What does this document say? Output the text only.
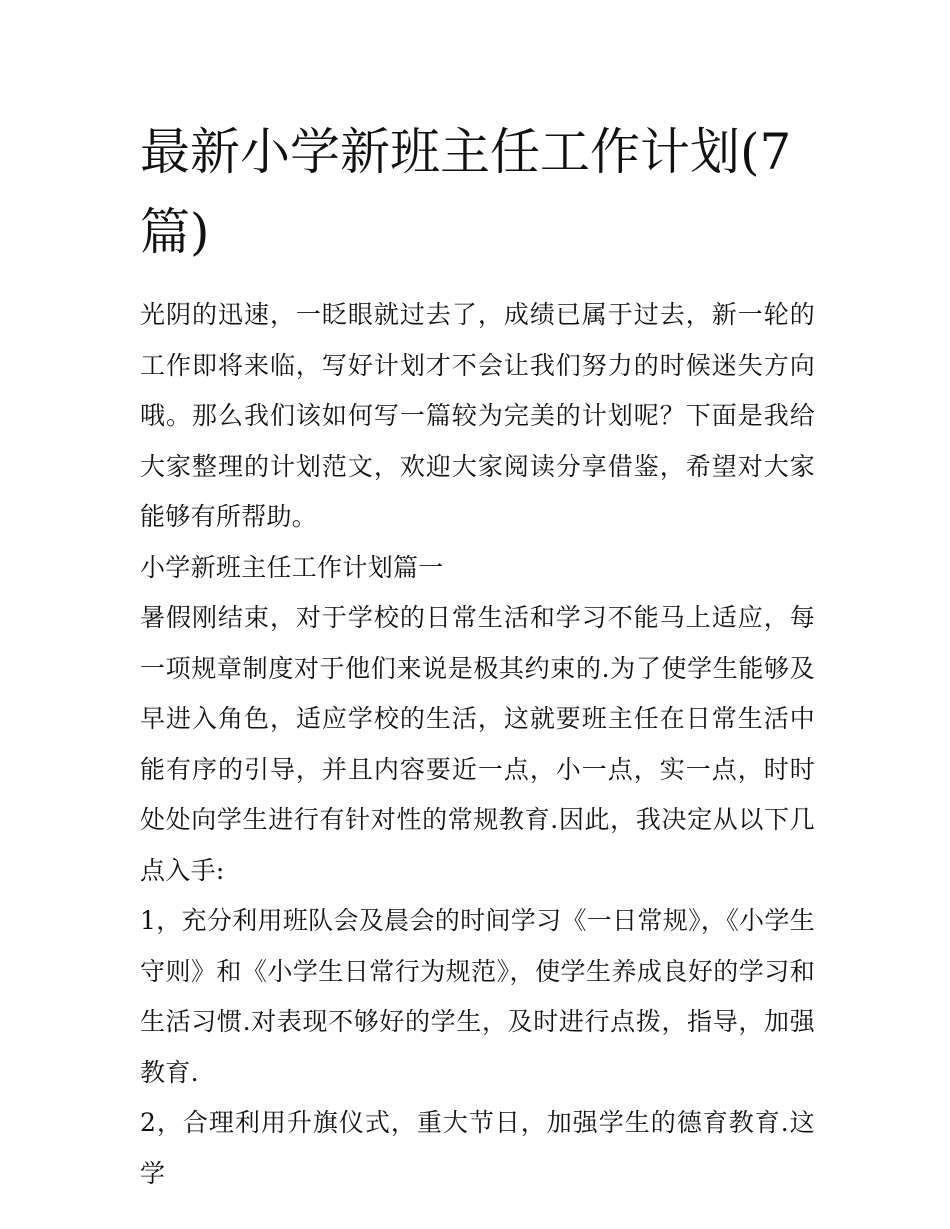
最新小学新班主任工作计划(7篇)

光阴的迅速，一眨眼就过去了，成绩已属于过去，新一轮的工作即将来临，写好计划才不会让我们努力的时候迷失方向哦。那么我们该如何写一篇较为完美的计划呢？下面是我给大家整理的计划范文，欢迎大家阅读分享借鉴，希望对大家能够有所帮助。

小学新班主任工作计划篇一

暑假刚结束，对于学校的日常生活和学习不能马上适应，每一项规章制度对于他们来说是极其约束的.为了使学生能够及早进入角色，适应学校的生活，这就要班主任在日常生活中能有序的引导，并且内容要近一点，小一点，实一点，时时处处向学生进行有针对性的常规教育.因此，我决定从以下几点入手:

1，充分利用班队会及晨会的时间学习《一日常规》，《小学生守则》和《小学生日常行为规范》，使学生养成良好的学习和生活习惯.对表现不够好的学生，及时进行点拨，指导，加强教育.

2，合理利用升旗仪式，重大节日，加强学生的德育教育.这学
